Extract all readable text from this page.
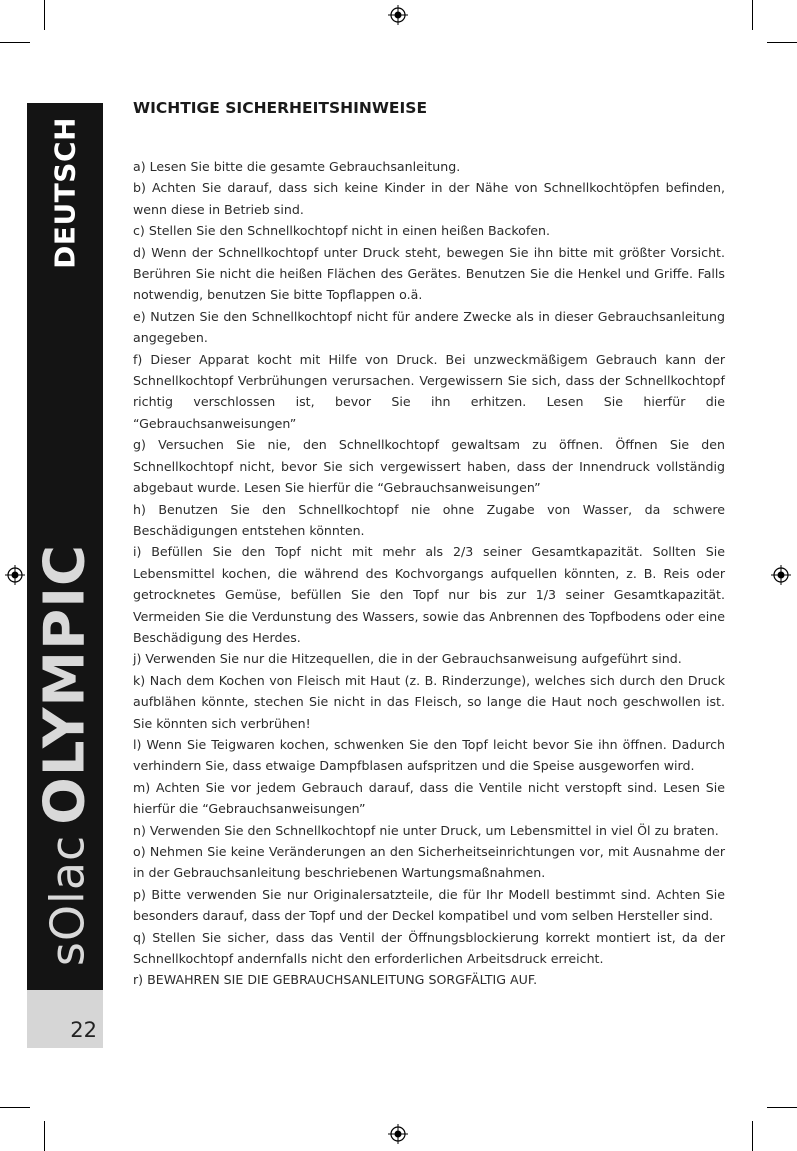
DEUTSCH
sOlacOLYMPIC
22
WICHTIGE SICHERHEITSHINWEISE

a) Lesen Sie bitte die gesamte Gebrauchsanleitung.

b) Achten Sie darauf, dass sich keine Kinder in der Nähe von Schnellkochtöpfen befinden, wenn diese in Betrieb sind.

c) Stellen Sie den Schnellkochtopf nicht in einen heißen Backofen.

d) Wenn der Schnellkochtopf unter Druck steht, bewegen Sie ihn bitte mit größter Vorsicht. Berühren Sie nicht die heißen Flächen des Gerätes. Benutzen Sie die Henkel und Griffe. Falls notwendig, benutzen Sie bitte Topflappen o.ä.

e) Nutzen Sie den Schnellkochtopf nicht für andere Zwecke als in dieser Gebrauchsanleitung angegeben.

f) Dieser Apparat kocht mit Hilfe von Druck. Bei unzweckmäßigem Gebrauch kann der Schnellkochtopf Verbrühungen verursachen. Vergewissern Sie sich, dass der Schnellkochtopf richtig verschlossen ist, bevor Sie ihn erhitzen. Lesen Sie hierfür die “Gebrauchsanweisungen”

g) Versuchen Sie nie, den Schnellkochtopf gewaltsam zu öffnen. Öffnen Sie den Schnellkochtopf nicht, bevor Sie sich vergewissert haben, dass der Innendruck vollständig abgebaut wurde. Lesen Sie hierfür die “Gebrauchsanweisungen”

h) Benutzen Sie den Schnellkochtopf nie ohne Zugabe von Wasser, da schwere Beschädigungen entstehen könnten.

i) Befüllen Sie den Topf nicht mit mehr als 2/3 seiner Gesamtkapazität. Sollten Sie Lebensmittel kochen, die während des Kochvorgangs aufquellen könnten, z. B. Reis oder getrocknetes Gemüse, befüllen Sie den Topf nur bis zur 1/3 seiner Gesamtkapazität. Vermeiden Sie die Verdunstung des Wassers, sowie das Anbrennen des Topfbodens oder eine Beschädigung des Herdes.

j) Verwenden Sie nur die Hitzequellen, die in der Gebrauchsanweisung aufgeführt sind.

k) Nach dem Kochen von Fleisch mit Haut (z. B. Rinderzunge), welches sich durch den Druck aufblähen könnte, stechen Sie nicht in das Fleisch, so lange die Haut noch geschwollen ist. Sie könnten sich verbrühen!

l) Wenn Sie Teigwaren kochen, schwenken Sie den Topf leicht bevor Sie ihn öffnen. Dadurch verhindern Sie, dass etwaige Dampfblasen aufspritzen und die Speise ausgeworfen wird.

m) Achten Sie vor jedem Gebrauch darauf, dass die Ventile nicht verstopft sind. Lesen Sie hierfür die “Gebrauchsanweisungen”

n) Verwenden Sie den Schnellkochtopf nie unter Druck, um Lebensmittel in viel Öl zu braten.

o) Nehmen Sie keine Veränderungen an den Sicherheitseinrichtungen vor, mit Ausnahme der in der Gebrauchsanleitung beschriebenen Wartungsmaßnahmen.

p) Bitte verwenden Sie nur Originalersatzteile, die für Ihr Modell bestimmt sind. Achten Sie besonders darauf, dass der Topf und der Deckel kompatibel und vom selben Hersteller sind.

q) Stellen Sie sicher, dass das Ventil der Öffnungsblockierung korrekt montiert ist, da der Schnellkochtopf andernfalls nicht den erforderlichen Arbeitsdruck erreicht.

r) BEWAHREN SIE DIE GEBRAUCHSANLEITUNG SORGFÄLTIG AUF.
